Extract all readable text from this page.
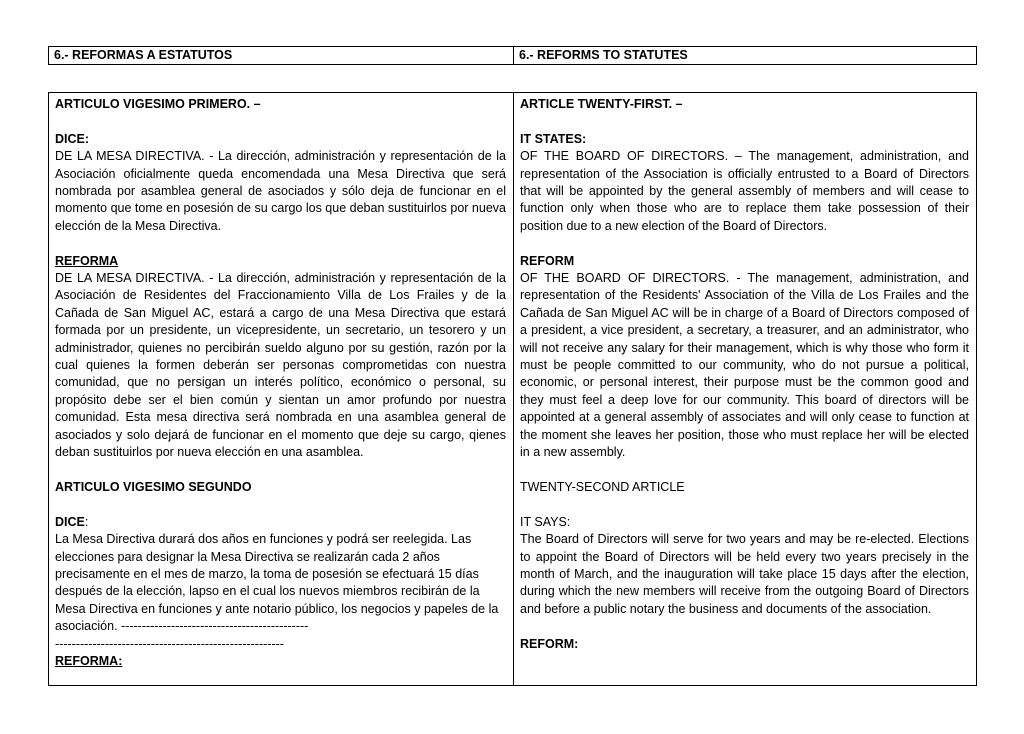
6.- REFORMAS A ESTATUTOS	6.- REFORMS TO STATUTES

ARTICULO VIGESIMO PRIMERO. –

DICE:

DE LA MESA DIRECTIVA. - La dirección, administración y representación de la Asociación oficialmente queda encomendada una Mesa Directiva que será nombrada por asamblea general de asociados y sólo deja de funcionar en el momento que tome en posesión de su cargo los que deban sustituirlos por nueva elección de la Mesa Directiva.

REFORMA

DE LA MESA DIRECTIVA. - La dirección, administración y representación de la Asociación de Residentes del Fraccionamiento Villa de Los Frailes y de la Cañada de San Miguel AC, estará a cargo de una Mesa Directiva que estará formada por un presidente, un vicepresidente, un secretario, un tesorero y un administrador, quienes no percibirán sueldo alguno por su gestión, razón por la cual quienes la formen deberán ser personas comprometidas con nuestra comunidad, que no persigan un interés político, económico o personal, su propósito debe ser el bien común y sientan un amor profundo por nuestra comunidad. Esta mesa directiva será nombrada en una asamblea general de asociados y solo dejará de funcionar en el momento que deje su cargo, qienes deban sustituirlos por nueva elección en una asamblea.

ARTICULO VIGESIMO SEGUNDO

DICE:

La Mesa Directiva durará dos años en funciones y podrá ser reelegida. Las elecciones para designar la Mesa Directiva se realizarán cada 2 años precisamente en el mes de marzo, la toma de posesión se efectuará 15 días después de la elección, lapso en el cual los nuevos miembros recibirán de la Mesa Directiva en funciones y ante notario público, los negocios y papeles de la asociación. ---------------------------------------------

-------------------------------------------------------

REFORMA:

ARTICLE TWENTY-FIRST. –

IT STATES:

OF THE BOARD OF DIRECTORS. – The management, administration, and representation of the Association is officially entrusted to a Board of Directors that will be appointed by the general assembly of members and will cease to function only when those who are to replace them take possession of their position due to a new election of the Board of Directors.

REFORM

OF THE BOARD OF DIRECTORS. - The management, administration, and representation of the Residents' Association of the Villa de Los Frailes and the Cañada de San Miguel AC will be in charge of a Board of Directors composed of a president, a vice president, a secretary, a treasurer, and an administrator, who will not receive any salary for their management, which is why those who form it must be people committed to our community, who do not pursue a political, economic, or personal interest, their purpose must be the common good and they must feel a deep love for our community. This board of directors will be appointed at a general assembly of associates and will only cease to function at the moment she leaves her position, those who must replace her will be elected in a new assembly.

TWENTY-SECOND ARTICLE

IT SAYS:

The Board of Directors will serve for two years and may be re-elected. Elections to appoint the Board of Directors will be held every two years precisely in the month of March, and the inauguration will take place 15 days after the election, during which the new members will receive from the outgoing Board of Directors and before a public notary the business and documents of the association.

REFORM:
